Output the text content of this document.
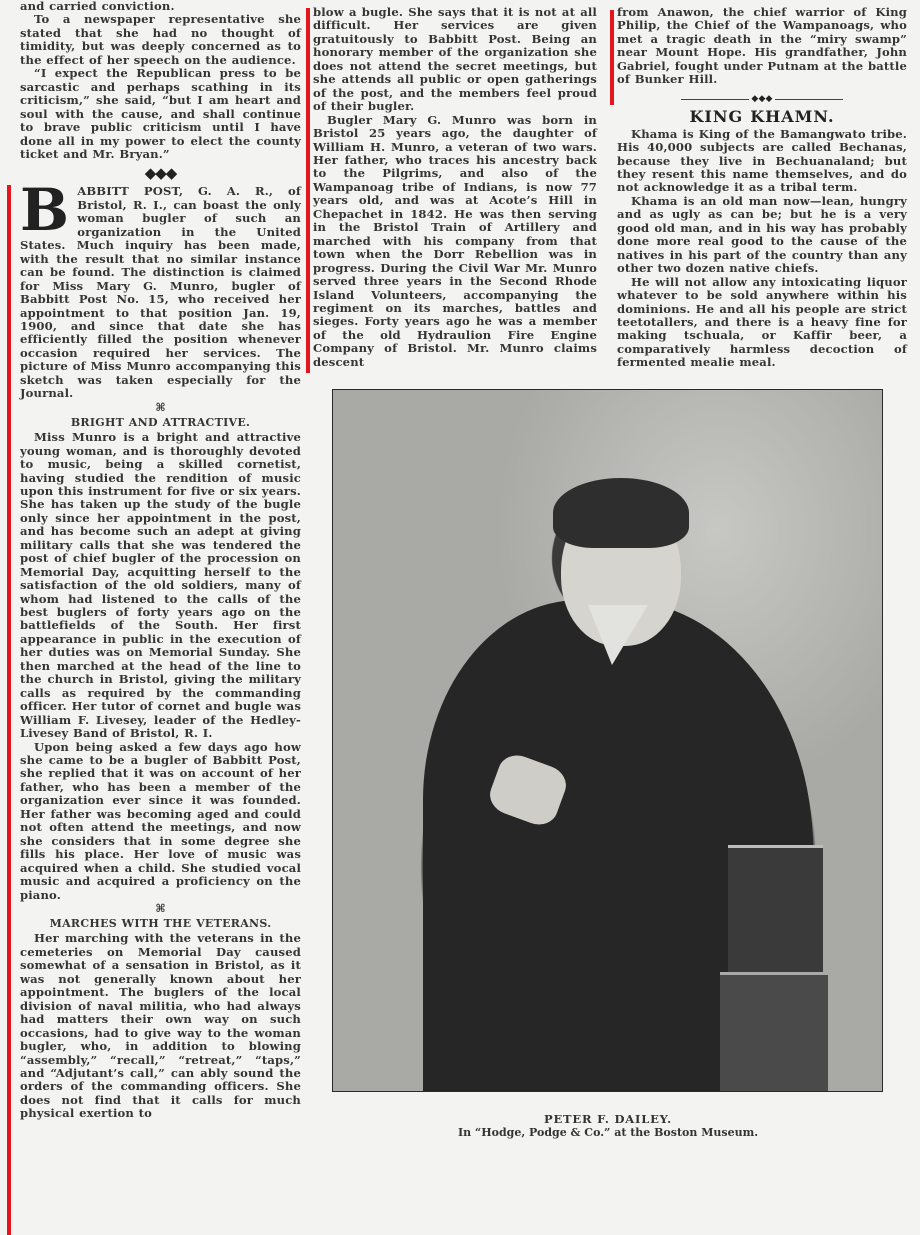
and carried conviction.

To a newspaper representative she stated that she had no thought of timidity, but was deeply concerned as to the effect of her speech on the audience.

“I expect the Republican press to be sarcastic and perhaps scathing in its criticism,” she said, “but I am heart and soul with the cause, and shall continue to brave public criticism until I have done all in my power to elect the county ticket and Mr. Bryan.”

◆◆◆
B ABBITT POST, G. A. R., of Bristol, R. I., can boast the only woman bugler of such an organization in the United States. Much inquiry has been made, with the result that no similar instance can be found. The distinction is claimed for Miss Mary G. Munro, bugler of Babbitt Post No. 15, who received her appointment to that position Jan. 19, 1900, and since that date she has efficiently filled the position whenever occasion required her services. The picture of Miss Munro accompanying this sketch was taken especially for the Journal.

⌘
BRIGHT AND ATTRACTIVE.

Miss Munro is a bright and attractive young woman, and is thoroughly devoted to music, being a skilled cornetist, having studied the rendition of music upon this instrument for five or six years. She has taken up the study of the bugle only since her appointment in the post, and has become such an adept at giving military calls that she was tendered the post of chief bugler of the procession on Memorial Day, acquitting herself to the satisfaction of the old soldiers, many of whom had listened to the calls of the best buglers of forty years ago on the battlefields of the South. Her first appearance in public in the execution of her duties was on Memorial Sunday. She then marched at the head of the line to the church in Bristol, giving the military calls as required by the commanding officer. Her tutor of cornet and bugle was William F. Livesey, leader of the Hedley-Livesey Band of Bristol, R. I.

Upon being asked a few days ago how she came to be a bugler of Babbitt Post, she replied that it was on account of her father, who has been a member of the organization ever since it was founded. Her father was becoming aged and could not often attend the meetings, and now she considers that in some degree she fills his place. Her love of music was acquired when a child. She studied vocal music and acquired a proficiency on the piano.

⌘
MARCHES WITH THE VETERANS.

Her marching with the veterans in the cemeteries on Memorial Day caused somewhat of a sensation in Bristol, as it was not generally known about her appointment. The buglers of the local division of naval militia, who had always had matters their own way on such occasions, had to give way to the woman bugler, who, in addition to blowing “assembly,” “recall,” “retreat,” “taps,” and “Adjutant’s call,” can ably sound the orders of the commanding officers. She does not find that it calls for much physical exertion to

blow a bugle. She says that it is not at all difficult. Her services are given gratuitously to Babbitt Post. Being an honorary member of the organization she does not attend the secret meetings, but she attends all public or open gatherings of the post, and the members feel proud of their bugler.

Bugler Mary G. Munro was born in Bristol 25 years ago, the daughter of William H. Munro, a veteran of two wars. Her father, who traces his ancestry back to the Pilgrims, and also of the Wampanoag tribe of Indians, is now 77 years old, and was at Acote’s Hill in Chepachet in 1842. He was then serving in the Bristol Train of Artillery and marched with his company from that town when the Dorr Rebellion was in progress. During the Civil War Mr. Munro served three years in the Second Rhode Island Volunteers, accompanying the regiment on its marches, battles and sieges. Forty years ago he was a member of the old Hydraulion Fire Engine Company of Bristol. Mr. Munro claims descent

from Anawon, the chief warrior of King Philip, the Chief of the Wampanoags, who met a tragic death in the “miry swamp” near Mount Hope. His grandfather, John Gabriel, fought under Putnam at the battle of Bunker Hill.

◆◆◆
KING KHAMN.

Khama is King of the Bamangwato tribe. His 40,000 subjects are called Bechanas, because they live in Bechuanaland; but they resent this name themselves, and do not acknowledge it as a tribal term.

Khama is an old man now—lean, hungry and as ugly as can be; but he is a very good old man, and in his way has probably done more real good to the cause of the natives in his part of the country than any other two dozen native chiefs.

He will not allow any intoxicating liquor whatever to be sold anywhere within his dominions. He and all his people are strict teetotallers, and there is a heavy fine for making tschuala, or Kaffir beer, a comparatively harmless decoction of fermented mealie meal.

PETER F. DAILEY.
In “Hodge, Podge & Co.” at the Boston Museum.
